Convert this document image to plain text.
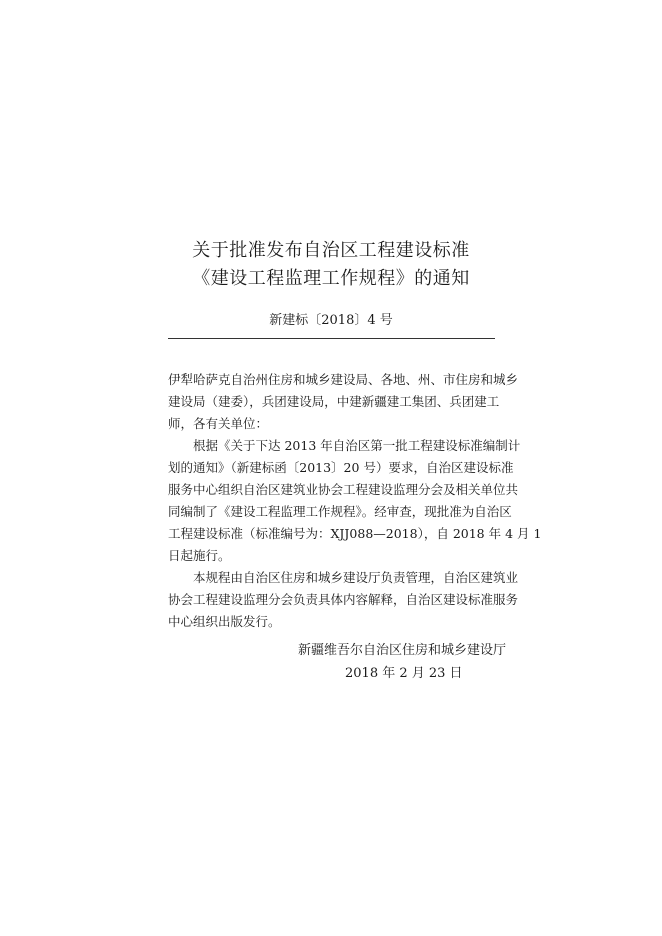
关于批准发布自治区工程建设标准
《建设工程监理工作规程》的通知
新建标〔2018〕4 号
伊犁哈萨克自治州住房和城乡建设局、各地、州、市住房和城乡
建设局（建委），兵团建设局，中建新疆建工集团、兵团建工
师，各有关单位：
根据《关于下达 2013 年自治区第一批工程建设标准编制计
划的通知》（新建标函〔2013〕20 号）要求，自治区建设标准
服务中心组织自治区建筑业协会工程建设监理分会及相关单位共
同编制了《建设工程监理工作规程》。经审查，现批准为自治区
工程建设标准（标准编号为：XJJ088—2018），自 2018 年 4 月 1
日起施行。
本规程由自治区住房和城乡建设厅负责管理，自治区建筑业
协会工程建设监理分会负责具体内容解释，自治区建设标准服务
中心组织出版发行。
新疆维吾尔自治区住房和城乡建设厅
2018 年 2 月 23 日
